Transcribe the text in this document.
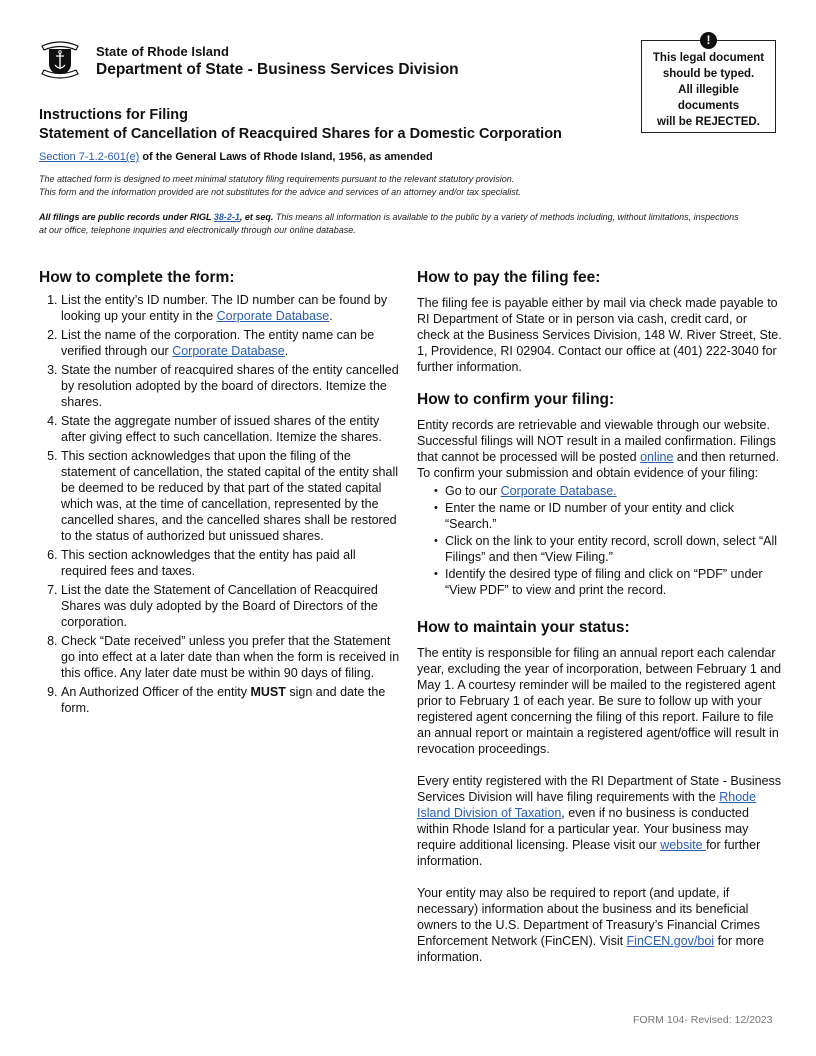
State of Rhode Island
Department of State - Business Services Division
!
This legal document
should be typed.
All illegible
documents
will be REJECTED.
Instructions for Filing
Statement of Cancellation of Reacquired Shares for a Domestic Corporation
Section 7-1.2-601(e) of the General Laws of Rhode Island, 1956, as amended
The attached form is designed to meet minimal statutory filing requirements pursuant to the relevant statutory provision.
This form and the information provided are not substitutes for the advice and services of an attorney and/or tax specialist.
All filings are public records under RIGL 38-2-1, et seq. This means all information is available to the public by a variety of methods including, without limitations, inspections at our office, telephone inquiries and electronically through our online database.
How to complete the form:
1. List the entity’s ID number. The ID number can be found by looking up your entity in the Corporate Database.
2. List the name of the corporation. The entity name can be verified through our Corporate Database.
3. State the number of reacquired shares of the entity cancelled by resolution adopted by the board of directors. Itemize the shares.
4. State the aggregate number of issued shares of the entity after giving effect to such cancellation. Itemize the shares.
5. This section acknowledges that upon the filing of the statement of cancellation, the stated capital of the entity shall be deemed to be reduced by that part of the stated capital which was, at the time of cancellation, represented by the cancelled shares, and the cancelled shares shall be restored to the status of authorized but unissued shares.
6. This section acknowledges that the entity has paid all required fees and taxes.
7. List the date the Statement of Cancellation of Reacquired Shares was duly adopted by the Board of Directors of the corporation.
8. Check “Date received” unless you prefer that the Statement go into effect at a later date than when the form is received in this office. Any later date must be within 90 days of filing.
9. An Authorized Officer of the entity MUST sign and date the form.
How to pay the filing fee:

The filing fee is payable either by mail via check made payable to RI Department of State or in person via cash, credit card, or check at the Business Services Division, 148 W. River Street, Ste. 1, Providence, RI 02904. Contact our office at (401) 222-3040 for further information.

How to confirm your filing:

Entity records are retrievable and viewable through our website. Successful filings will NOT result in a mailed confirmation. Filings that cannot be processed will be posted online and then returned. To confirm your submission and obtain evidence of your filing:

• Go to our Corporate Database.
• Enter the name or ID number of your entity and click “Search.”
• Click on the link to your entity record, scroll down, select “All Filings” and then “View Filing.”
• Identify the desired type of filing and click on “PDF” under “View PDF” to view and print the record.
How to maintain your status:

The entity is responsible for filing an annual report each calendar year, excluding the year of incorporation, between February 1 and May 1. A courtesy reminder will be mailed to the registered agent prior to February 1 of each year. Be sure to follow up with your registered agent concerning the filing of this report. Failure to file an annual report or maintain a registered agent/office will result in revocation proceedings.

Every entity registered with the RI Department of State - Business Services Division will have filing requirements with the Rhode Island Division of Taxation, even if no business is conducted within Rhode Island for a particular year. Your business may require additional licensing. Please visit our website for further information.

Your entity may also be required to report (and update, if necessary) information about the business and its beneficial owners to the U.S. Department of Treasury’s Financial Crimes Enforcement Network (FinCEN). Visit FinCEN.gov/boi for more information.

FORM 104- Revised: 12/2023
